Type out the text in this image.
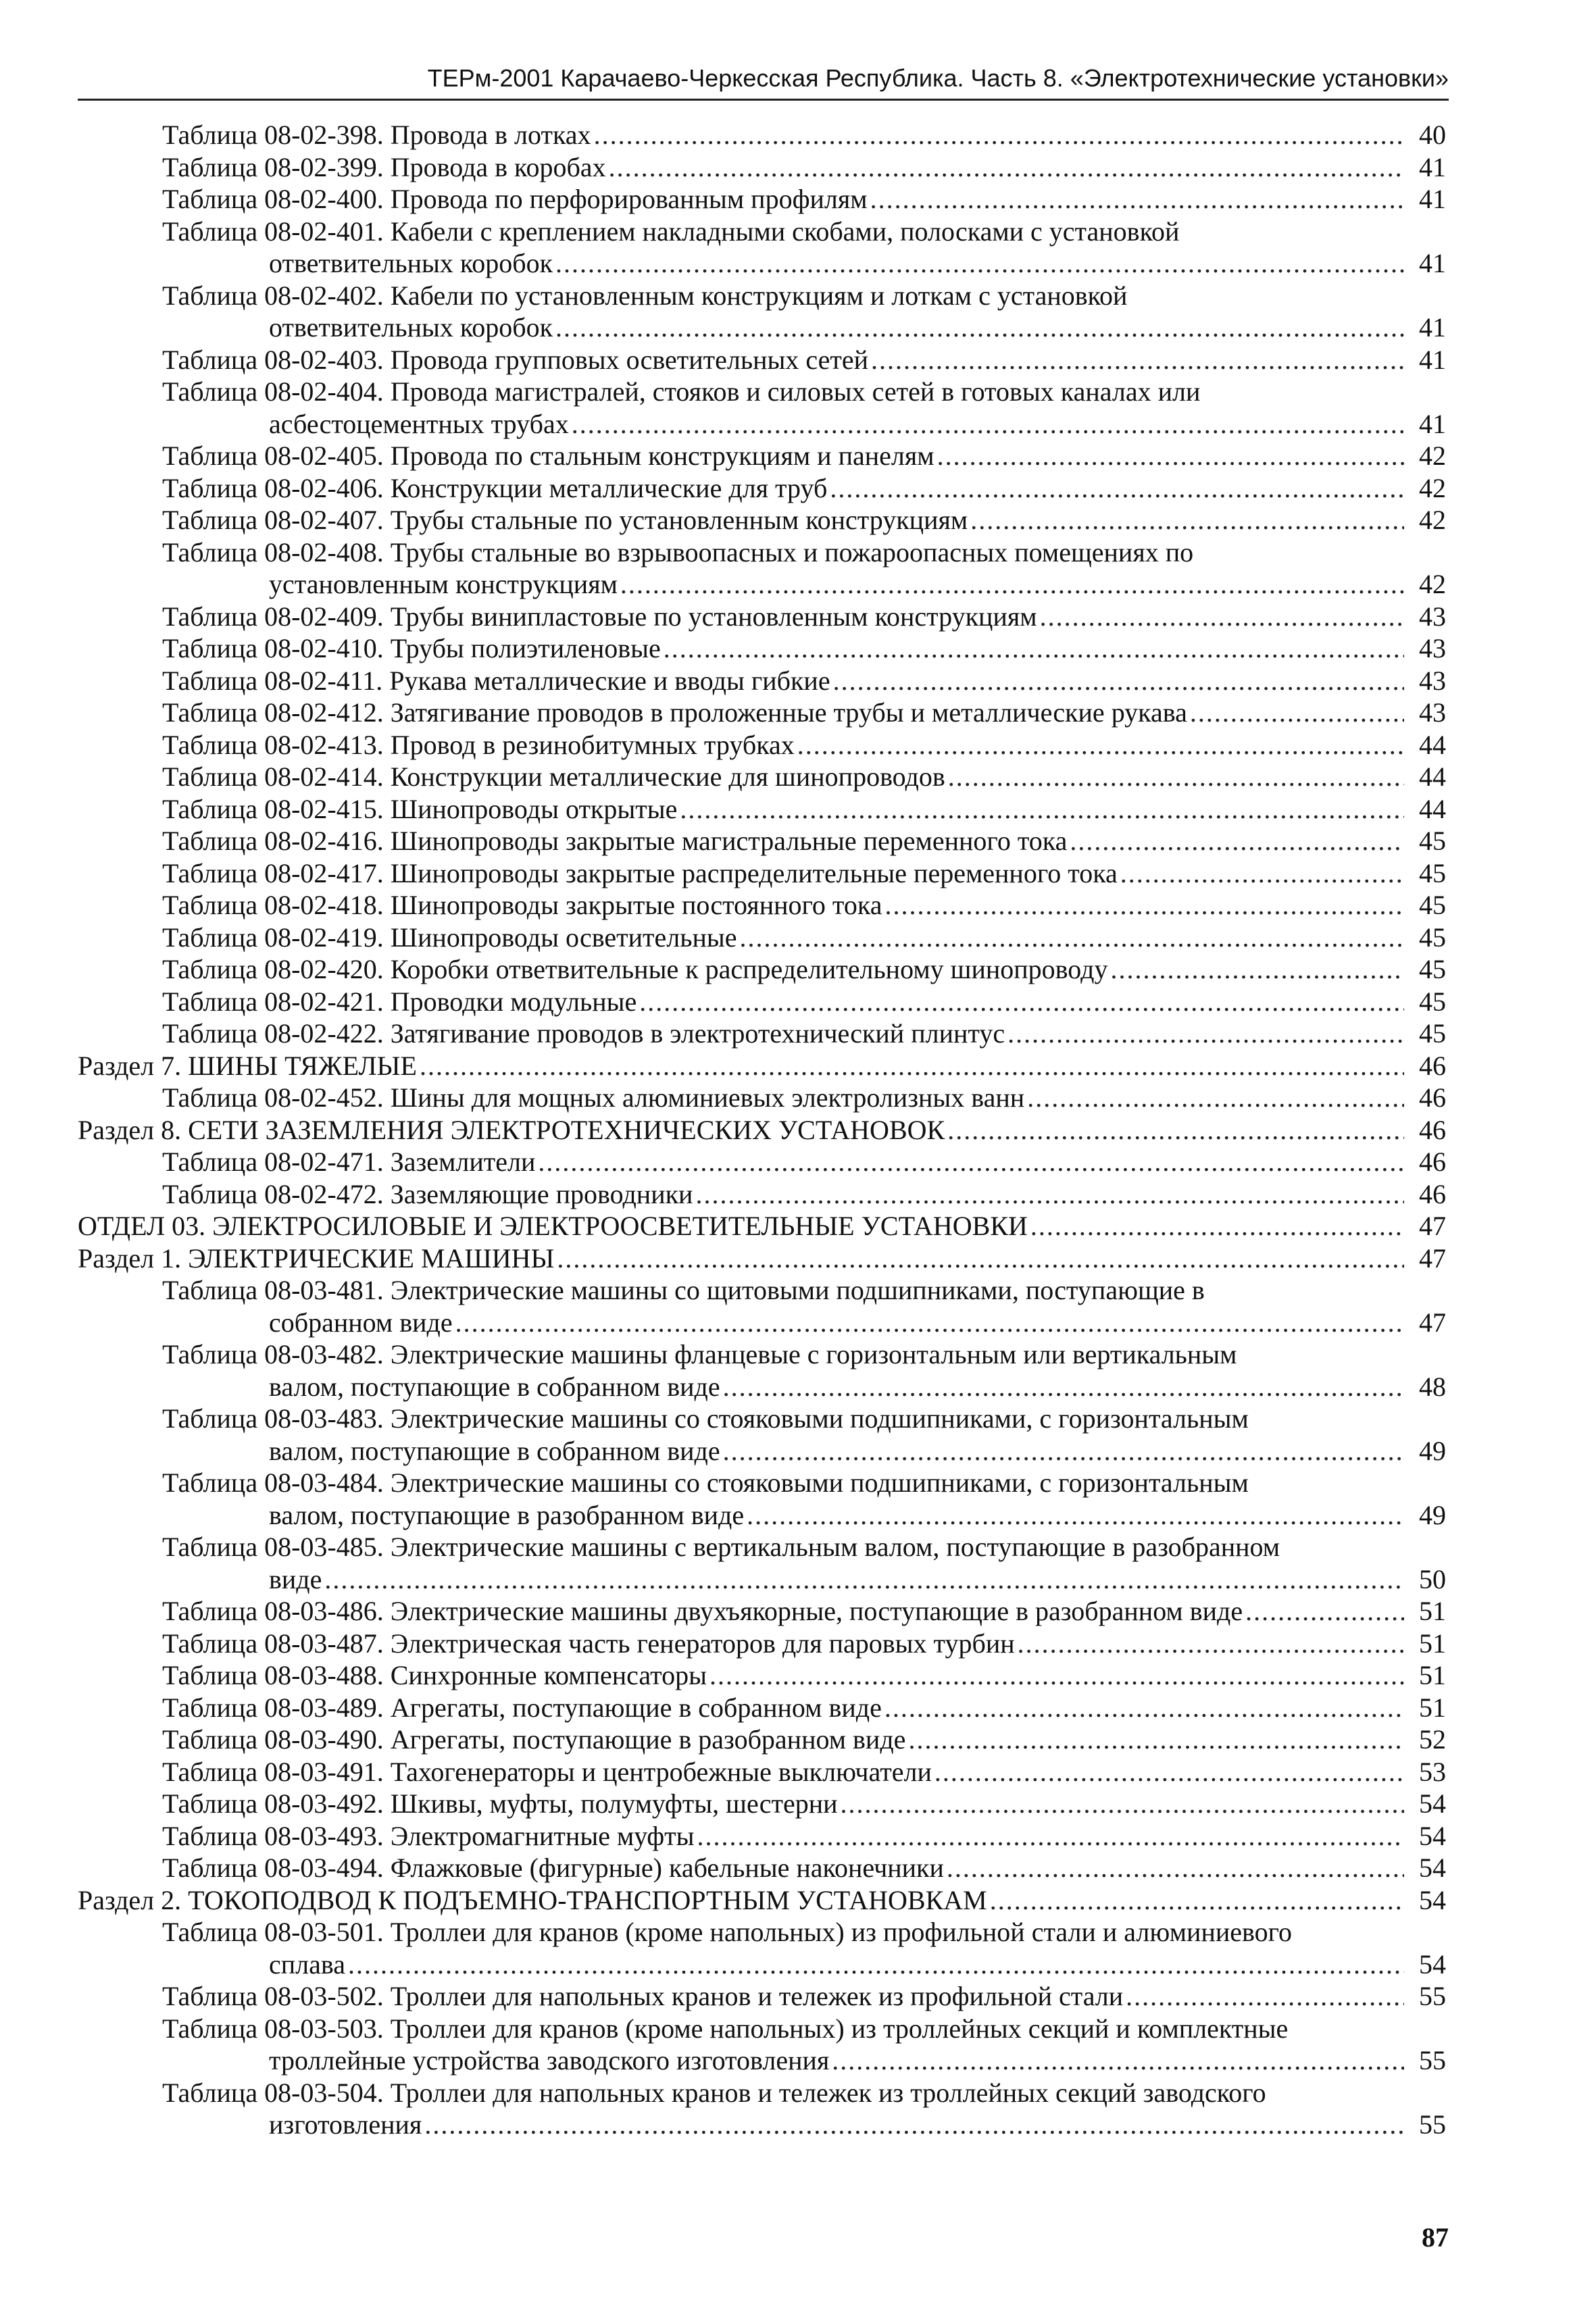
ТЕРм-2001 Карачаево-Черкесская Республика. Часть 8. «Электротехнические установки»
Таблица 08-02-398. Провода в лотках .....	40
Таблица 08-02-399. Провода в коробах .....	41
Таблица 08-02-400. Провода по перфорированным профилям .....	41
Таблица 08-02-401. Кабели с креплением накладными скобами, полосками с установкой
ответвительных коробок .....	41
Таблица 08-02-402. Кабели по установленным конструкциям и лоткам с установкой
ответвительных коробок .....	41
Таблица 08-02-403. Провода групповых осветительных сетей .....	41
Таблица 08-02-404. Провода магистралей, стояков и силовых сетей в готовых каналах или
асбестоцементных трубах .....	41
Таблица 08-02-405. Провода по стальным конструкциям и панелям .....	42
Таблица 08-02-406. Конструкции металлические для труб .....	42
Таблица 08-02-407. Трубы стальные по установленным конструкциям .....	42
Таблица 08-02-408. Трубы стальные во взрывоопасных и пожароопасных помещениях по
установленным конструкциям .....	42
Таблица 08-02-409. Трубы винипластовые по установленным конструкциям .....	43
Таблица 08-02-410. Трубы полиэтиленовые .....	43
Таблица 08-02-411. Рукава металлические и вводы гибкие .....	43
Таблица 08-02-412. Затягивание проводов в проложенные трубы и металлические рукава .....	43
Таблица 08-02-413. Провод в резинобитумных трубках .....	44
Таблица 08-02-414. Конструкции металлические для шинопроводов .....	44
Таблица 08-02-415. Шинопроводы открытые .....	44
Таблица 08-02-416. Шинопроводы закрытые магистральные переменного тока .....	45
Таблица 08-02-417. Шинопроводы закрытые распределительные переменного тока .....	45
Таблица 08-02-418. Шинопроводы закрытые постоянного тока .....	45
Таблица 08-02-419. Шинопроводы осветительные .....	45
Таблица 08-02-420. Коробки ответвительные к распределительному шинопроводу .....	45
Таблица 08-02-421. Проводки модульные .....	45
Таблица 08-02-422. Затягивание проводов в электротехнический плинтус .....	45
Раздел 7. ШИНЫ ТЯЖЕЛЫЕ .....	46
Таблица 08-02-452. Шины для мощных алюминиевых электролизных ванн .....	46
Раздел 8. СЕТИ ЗАЗЕМЛЕНИЯ ЭЛЕКТРОТЕХНИЧЕСКИХ УСТАНОВОК .....	46
Таблица 08-02-471. Заземлители .....	46
Таблица 08-02-472. Заземляющие проводники .....	46
ОТДЕЛ 03. ЭЛЕКТРОСИЛОВЫЕ И ЭЛЕКТРООСВЕТИТЕЛЬНЫЕ УСТАНОВКИ .....	47
Раздел 1. ЭЛЕКТРИЧЕСКИЕ МАШИНЫ .....	47
Таблица 08-03-481. Электрические машины со щитовыми подшипниками, поступающие в
собранном виде .....	47
Таблица 08-03-482. Электрические машины фланцевые с горизонтальным или вертикальным
валом, поступающие в собранном виде .....	48
Таблица 08-03-483. Электрические машины со стояковыми подшипниками, с горизонтальным
валом, поступающие в собранном виде .....	49
Таблица 08-03-484. Электрические машины со стояковыми подшипниками, с горизонтальным
валом, поступающие в разобранном виде .....	49
Таблица 08-03-485. Электрические машины с вертикальным валом, поступающие в разобранном
виде .....	50
Таблица 08-03-486. Электрические машины двухъякорные, поступающие в разобранном виде .....	51
Таблица 08-03-487. Электрическая часть генераторов для паровых турбин .....	51
Таблица 08-03-488. Синхронные компенсаторы .....	51
Таблица 08-03-489. Агрегаты, поступающие в собранном виде .....	51
Таблица 08-03-490. Агрегаты, поступающие в разобранном виде .....	52
Таблица 08-03-491. Тахогенераторы и центробежные выключатели .....	53
Таблица 08-03-492. Шкивы, муфты, полумуфты, шестерни .....	54
Таблица 08-03-493. Электромагнитные муфты .....	54
Таблица 08-03-494. Флажковые (фигурные) кабельные наконечники .....	54
Раздел 2. ТОКОПОДВОД К ПОДЪЕМНО-ТРАНСПОРТНЫМ УСТАНОВКАМ .....	54
Таблица 08-03-501. Троллеи для кранов (кроме напольных) из профильной стали и алюминиевого
сплава .....	54
Таблица 08-03-502. Троллеи для напольных кранов и тележек из профильной стали .....	55
Таблица 08-03-503. Троллеи для кранов (кроме напольных) из троллейных секций и комплектные
троллейные устройства заводского изготовления .....	55
Таблица 08-03-504. Троллеи для напольных кранов и тележек из троллейных секций заводского
изготовления .....	55
87
